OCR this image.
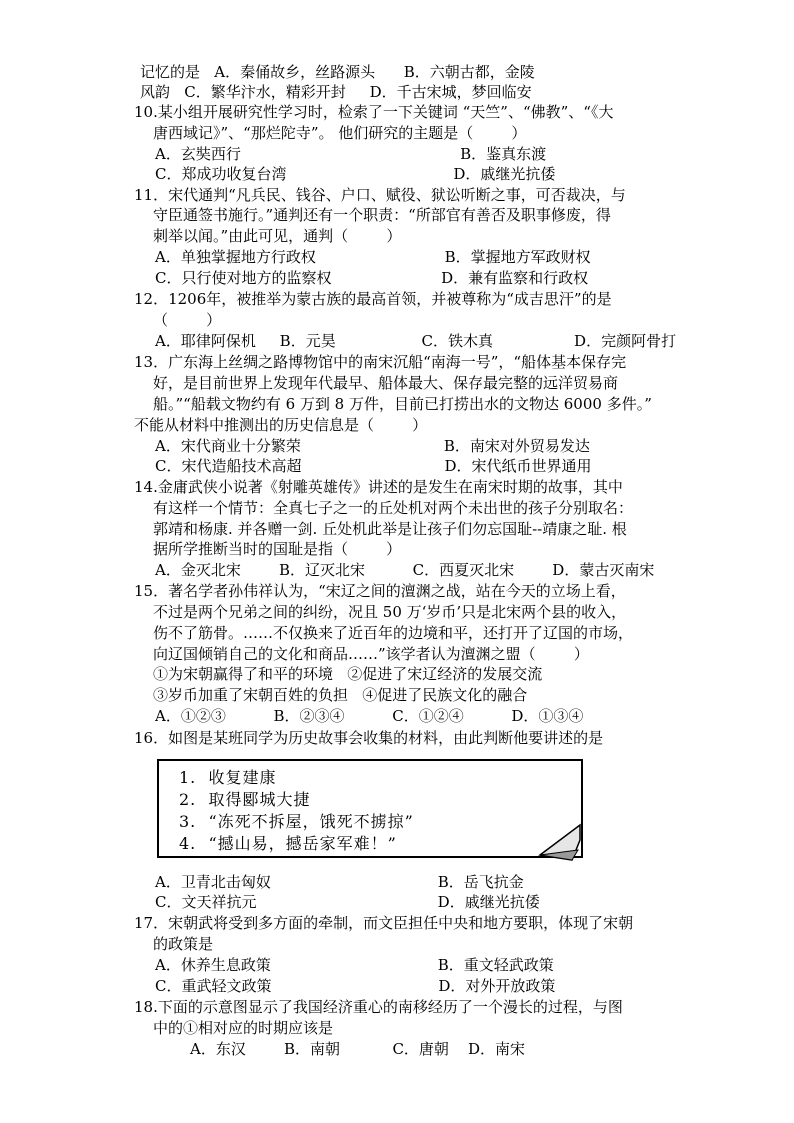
记忆的是   A．秦俑故乡，丝路源头      B．六朝古都，金陵
风韵   C．繁华汴水，精彩开封     D．千古宋城，梦回临安
10.某小组开展研究性学习时，检索了一下关键词 “天竺”、“佛教”、“《大
唐西域记》”、“那烂陀寺”。 他们研究的主题是（        ）
A．玄奘西行                                              B．鉴真东渡
C．郑成功收复台湾                                   D．戚继光抗倭
11．宋代通判“凡兵民、钱谷、户口、赋役、狱讼听断之事，可否裁决，与
守臣通签书施行。”通判还有一个职责：“所部官有善否及职事修废，得
刺举以闻。”由此可见，通判（        ）
A．单独掌握地方行政权                           B．掌握地方军政财权
C．只行使对地方的监察权                       D．兼有监察和行政权
12．1206年，被推举为蒙古族的最高首领，并被尊称为“成吉思汗”的是
（        ）
A．耶律阿保机     B．元昊                  C．铁木真                 D．完颜阿骨打
13．广东海上丝绸之路博物馆中的南宋沉船“南海一号”，“船体基本保存完
好，是目前世界上发现年代最早、船体最大、保存最完整的远洋贸易商
船。”“船载文物约有 6 万到 8 万件，目前已打捞出水的文物达 6000 多件。”
不能从材料中推测出的历史信息是（        ）
A．宋代商业十分繁荣                              B．南宋对外贸易发达
C．宋代造船技术高超                              D．宋代纸币世界通用
14.金庸武侠小说著《射雕英雄传》讲述的是发生在南宋时期的故事，其中
有这样一个情节：全真七子之一的丘处机对两个未出世的孩子分别取名：
郭靖和杨康. 并各赠一剑. 丘处机此举是让孩子们勿忘国耻--靖康之耻. 根
据所学推断当时的国耻是指（        ）
A．金灭北宋        B．辽灭北宋          C．西夏灭北宋        D．蒙古灭南宋
15．著名学者孙伟祥认为，“宋辽之间的澶渊之战，站在今天的立场上看，
不过是两个兄弟之间的纠纷，况且 50 万‘岁币’只是北宋两个县的收入，
伤不了筋骨。……不仅换来了近百年的边境和平，还打开了辽国的市场，
向辽国倾销自己的文化和商品……”该学者认为澶渊之盟（        ）
①为宋朝赢得了和平的环境   ②促进了宋辽经济的发展交流
③岁币加重了宋朝百姓的负担   ④促进了民族文化的融合
A．①②③          B．②③④          C．①②④          D．①③④
16．如图是某班同学为历史故事会收集的材料，由此判断他要讲述的是
A．卫青北击匈奴                                   B．岳飞抗金
C．文天祥抗元                                      D．戚继光抗倭
17．宋朝武将受到多方面的牵制，而文臣担任中央和地方要职，体现了宋朝
的政策是
A．休养生息政策                                   B．重文轻武政策
C．重武轻文政策                                   D．对外开放政策
18.下面的示意图显示了我国经济重心的南移经历了一个漫长的过程，与图
中的①相对应的时期应该是
A．东汉        B．南朝           C．唐朝    D．南宋
1.  收复建康
2.  取得郾城大捷
3.  “冻死不拆屋，饿死不掳掠”
4.  “撼山易，撼岳家军难！”
